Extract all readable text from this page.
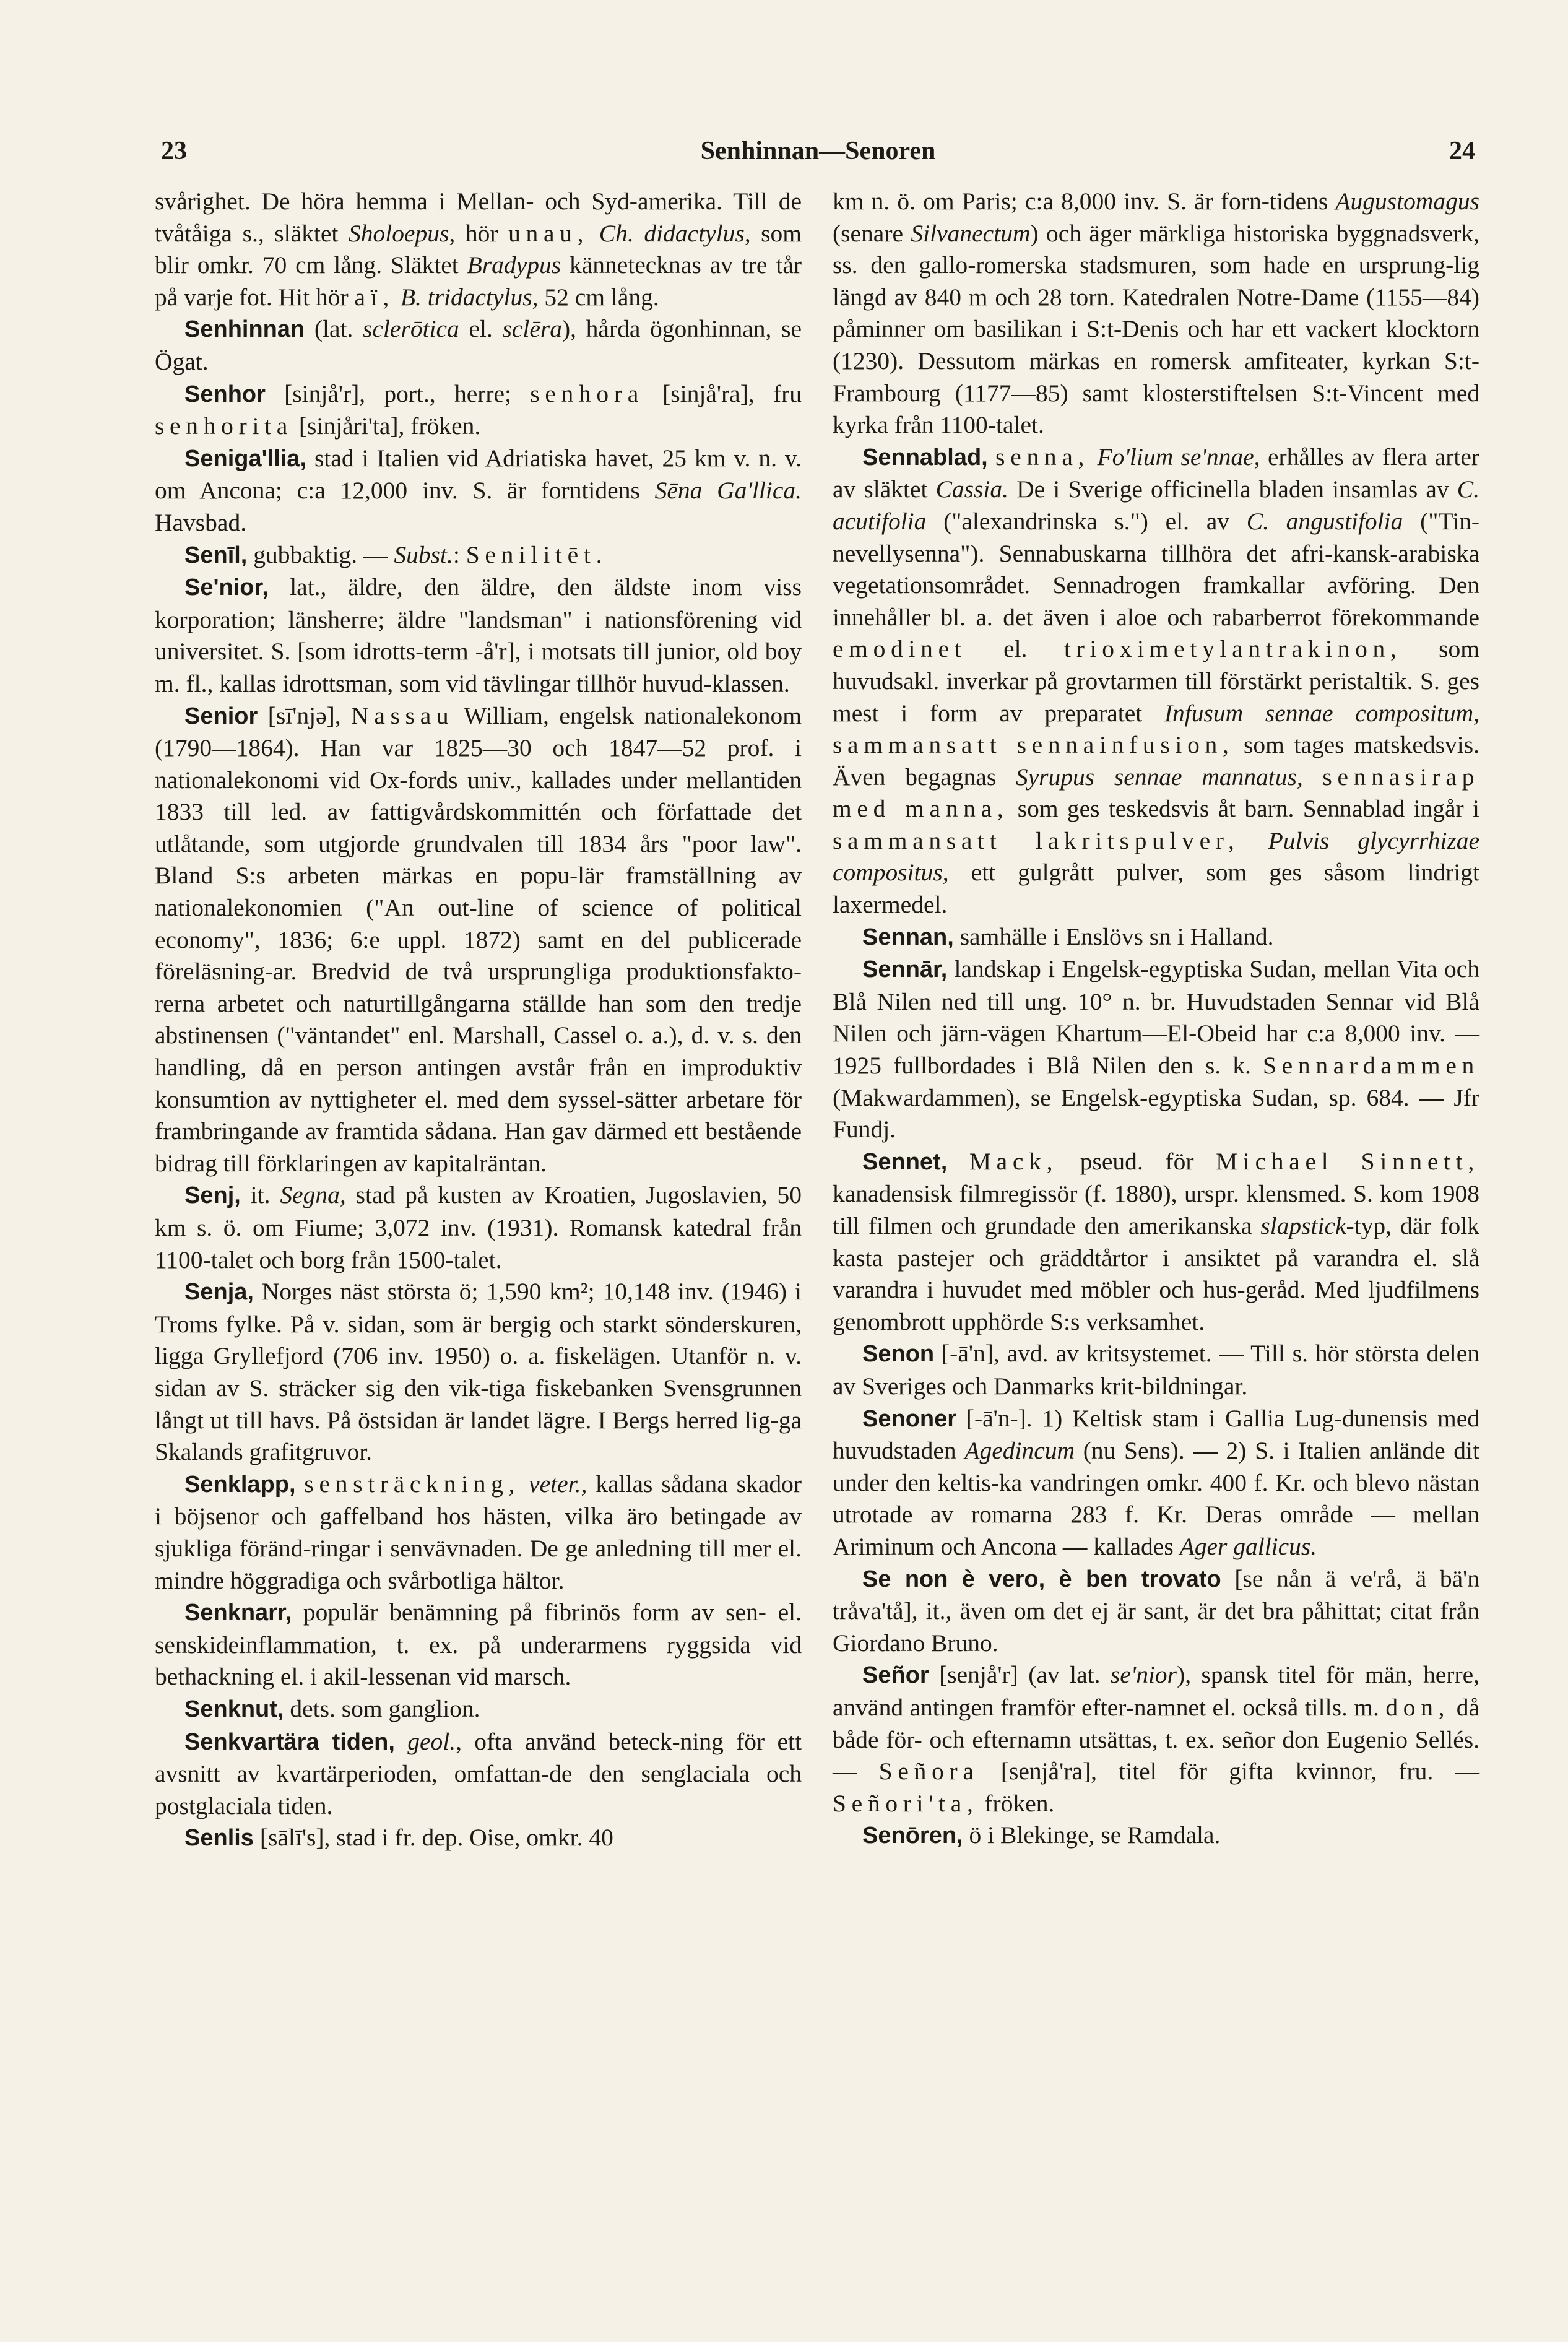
23	Senhinnan—Senoren	24

svårighet. De höra hemma i Mellan- och Syd-amerika. Till de tvåtåiga s., släktet Sholoepus, hör unau, Ch. didactylus, som blir omkr. 70 cm lång. Släktet Bradypus kännetecknas av tre tår på varje fot. Hit hör aï, B. tridactylus, 52 cm lång.

Senhinnan (lat. sclerōtica el. sclēra), hårda ögonhinnan, se Ögat.

Senhor [sinjå'r], port., herre; senhora [sinjå'ra], fru senhorita [sinjåri'ta], fröken.

Seniga'llia, stad i Italien vid Adriatiska havet, 25 km v. n. v. om Ancona; c:a 12,000 inv. S. är forntidens Sēna Ga'llica. Havsbad.

Senīl, gubbaktig. — Subst.: Senilitēt.

Se'nior, lat., äldre, den äldre, den äldste inom viss korporation; länsherre; äldre "landsman" i nationsförening vid universitet. S. [som idrotts-term -å'r], i motsats till junior, old boy m. fl., kallas idrottsman, som vid tävlingar tillhör huvud-klassen.

Senior [sī'njə], Nassau William, engelsk nationalekonom (1790—1864). Han var 1825—30 och 1847—52 prof. i nationalekonomi vid Ox-fords univ., kallades under mellantiden 1833 till led. av fattigvårdskommittén och författade det utlåtande, som utgjorde grundvalen till 1834 års "poor law". Bland S:s arbeten märkas en popu-lär framställning av nationalekonomien ("An out-line of science of political economy", 1836; 6:e uppl. 1872) samt en del publicerade föreläsning-ar. Bredvid de två ursprungliga produktionsfakto-rerna arbetet och naturtillgångarna ställde han som den tredje abstinensen ("väntandet" enl. Marshall, Cassel o. a.), d. v. s. den handling, då en person antingen avstår från en improduktiv konsumtion av nyttigheter el. med dem syssel-sätter arbetare för frambringande av framtida sådana. Han gav därmed ett bestående bidrag till förklaringen av kapitalräntan.

Senj, it. Segna, stad på kusten av Kroatien, Jugoslavien, 50 km s. ö. om Fiume; 3,072 inv. (1931). Romansk katedral från 1100-talet och borg från 1500-talet.

Senja, Norges näst största ö; 1,590 km²; 10,148 inv. (1946) i Troms fylke. På v. sidan, som är bergig och starkt sönderskuren, ligga Gryllefjord (706 inv. 1950) o. a. fiskelägen. Utanför n. v. sidan av S. sträcker sig den vik-tiga fiskebanken Svensgrunnen långt ut till havs. På östsidan är landet lägre. I Bergs herred lig-ga Skalands grafitgruvor.

Senklapp, sensträckning, veter., kallas sådana skador i böjsenor och gaffelband hos hästen, vilka äro betingade av sjukliga föränd-ringar i senvävnaden. De ge anledning till mer el. mindre höggradiga och svårbotliga hältor.

Senknarr, populär benämning på fibrinös form av sen- el. senskideinflammation, t. ex. på underarmens ryggsida vid bethackning el. i akil-lessenan vid marsch.

Senknut, dets. som ganglion.

Senkvartära tiden, geol., ofta använd beteck-ning för ett avsnitt av kvartärperioden, omfattan-de den senglaciala och postglaciala tiden.

Senlis [sālī's], stad i fr. dep. Oise, omkr. 40

km n. ö. om Paris; c:a 8,000 inv. S. är forn-tidens Augustomagus (senare Silvanectum) och äger märkliga historiska byggnadsverk, ss. den gallo-romerska stadsmuren, som hade en ursprung-lig längd av 840 m och 28 torn. Katedralen Notre-Dame (1155—84) påminner om basilikan i S:t-Denis och har ett vackert klocktorn (1230). Dessutom märkas en romersk amfiteater, kyrkan S:t-Frambourg (1177—85) samt klosterstiftelsen S:t-Vincent med kyrka från 1100-talet.

Sennablad, senna, Fo'lium se'nnae, erhålles av flera arter av släktet Cassia. De i Sverige officinella bladen insamlas av C. acutifolia ("alexandrinska s.") el. av C. angustifolia ("Tin-nevellysenna"). Sennabuskarna tillhöra det afri-kansk-arabiska vegetationsområdet. Sennadrogen framkallar avföring. Den innehåller bl. a. det även i aloe och rabarberrot förekommande emodinet el. trioximetylantrakinon, som huvudsakl. inverkar på grovtarmen till förstärkt peristaltik. S. ges mest i form av preparatet Infusum sennae compositum, sammansatt sennainfusion, som tages matskedsvis. Även begagnas Syrupus sennae mannatus, sennasirap med manna, som ges teskedsvis åt barn. Sennablad ingår i sammansatt lakritspulver, Pulvis glycyrrhizae compositus, ett gulgrått pulver, som ges såsom lindrigt laxermedel.

Sennan, samhälle i Enslövs sn i Halland.

Sennār, landskap i Engelsk-egyptiska Sudan, mellan Vita och Blå Nilen ned till ung. 10° n. br. Huvudstaden Sennar vid Blå Nilen och järn-vägen Khartum—El-Obeid har c:a 8,000 inv. — 1925 fullbordades i Blå Nilen den s. k. Sennardammen (Makwardammen), se Engelsk-egyptiska Sudan, sp. 684. — Jfr Fundj.

Sennet, Mack, pseud. för Michael Sinnett, kanadensisk filmregissör (f. 1880), urspr. klensmed. S. kom 1908 till filmen och grundade den amerikanska slapstick-typ, där folk kasta pastejer och gräddtårtor i ansiktet på varandra el. slå varandra i huvudet med möbler och hus-geråd. Med ljudfilmens genombrott upphörde S:s verksamhet.

Senon [-ā'n], avd. av kritsystemet. — Till s. hör största delen av Sveriges och Danmarks krit-bildningar.

Senoner [-ā'n-]. 1) Keltisk stam i Gallia Lug-dunensis med huvudstaden Agedincum (nu Sens). — 2) S. i Italien anlände dit under den keltis-ka vandringen omkr. 400 f. Kr. och blevo nästan utrotade av romarna 283 f. Kr. Deras område — mellan Ariminum och Ancona — kallades Ager gallicus.

Se non è vero, è ben trovato [se nån ä ve'rå, ä bä'n tråva'tå], it., även om det ej är sant, är det bra påhittat; citat från Giordano Bruno.

Señor [senjå'r] (av lat. se'nior), spansk titel för män, herre, använd antingen framför efter-namnet el. också tills. m. don, då både för- och efternamn utsättas, t. ex. señor don Eugenio Sellés. — Señora [senjå'ra], titel för gifta kvinnor, fru. — Señori'ta, fröken.

Senōren, ö i Blekinge, se Ramdala.
